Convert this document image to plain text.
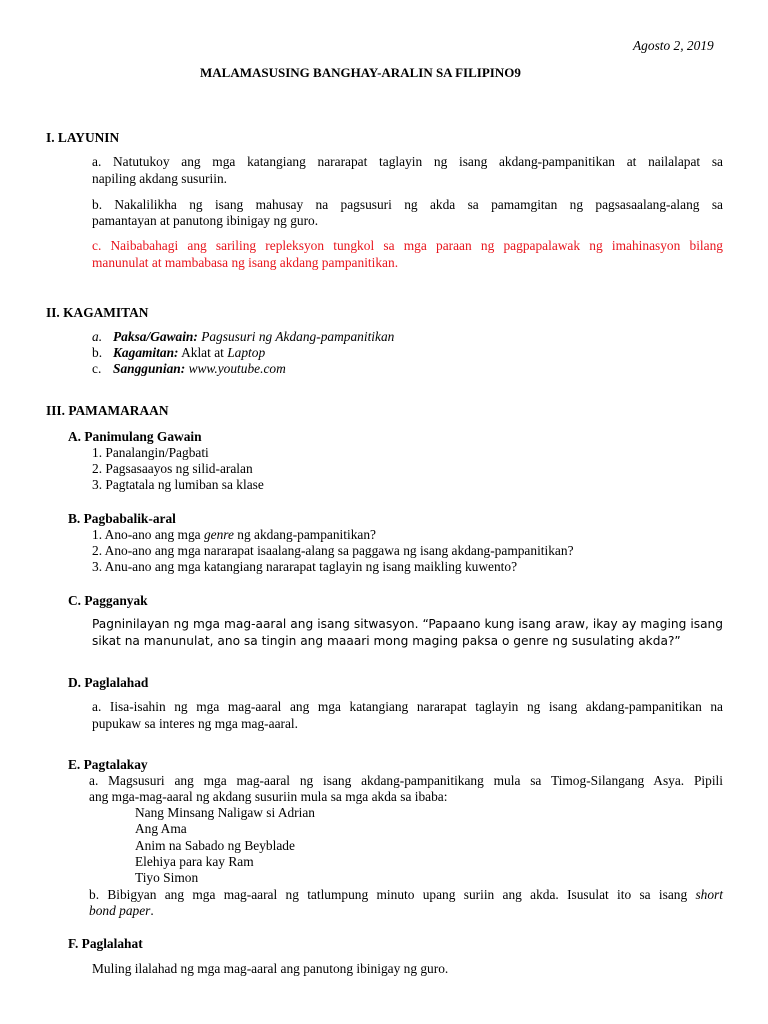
Agosto 2, 2019
MALAMASUSING BANGHAY-ARALIN SA FILIPINO9
I. LAYUNIN
a. Natutukoy ang mga katangiang nararapat taglayin ng isang akdang-pampanitikan at nailalapat sa
napiling akdang susuriin.
b. Nakalilikha ng isang mahusay na pagsusuri ng akda sa pamamgitan ng pagsasaalang-alang sa
pamantayan at panutong ibinigay ng guro.
c. Naibabahagi ang sariling repleksyon tungkol sa mga paraan ng pagpapalawak ng imahinasyon bilang
manunulat at mambabasa ng isang akdang pampanitikan.
II. KAGAMITAN
a. Paksa/Gawain: Pagsusuri ng Akdang-pampanitikan
b. Kagamitan: Aklat at Laptop
c. Sanggunian: www.youtube.com
III. PAMAMARAAN
A. Panimulang Gawain
1. Panalangin/Pagbati
2. Pagsasaayos ng silid-aralan
3. Pagtatala ng lumiban sa klase
B. Pagbabalik-aral
1. Ano-ano ang mga genre ng akdang-pampanitikan?
2. Ano-ano ang mga nararapat isaalang-alang sa paggawa ng isang akdang-pampanitikan?
3. Anu-ano ang mga katangiang nararapat taglayin ng isang maikling kuwento?
C. Pagganyak
Pagninilayan ng mga mag-aaral ang isang sitwasyon. “Papaano kung isang araw, ikay ay maging isang
sikat na manunulat, ano sa tingin ang maaari mong maging paksa o genre ng susulating akda?”
D. Paglalahad
a. Iisa-isahin ng mga mag-aaral ang mga katangiang nararapat taglayin ng isang akdang-pampanitikan na
pupukaw sa interes ng mga mag-aaral.
E. Pagtalakay
a. Magsusuri ang mga mag-aaral ng isang akdang-pampanitikang mula sa Timog-Silangang Asya. Pipili
ang mga-mag-aaral ng akdang susuriin mula sa mga akda sa ibaba:
Nang Minsang Naligaw si Adrian
Ang Ama
Anim na Sabado ng Beyblade
Elehiya para kay Ram
Tiyo Simon
b. Bibigyan ang mga mag-aaral ng tatlumpung minuto upang suriin ang akda. Isusulat ito sa isang short
bond paper.
F. Paglalahat
Muling ilalahad ng mga mag-aaral ang panutong ibinigay ng guro.
